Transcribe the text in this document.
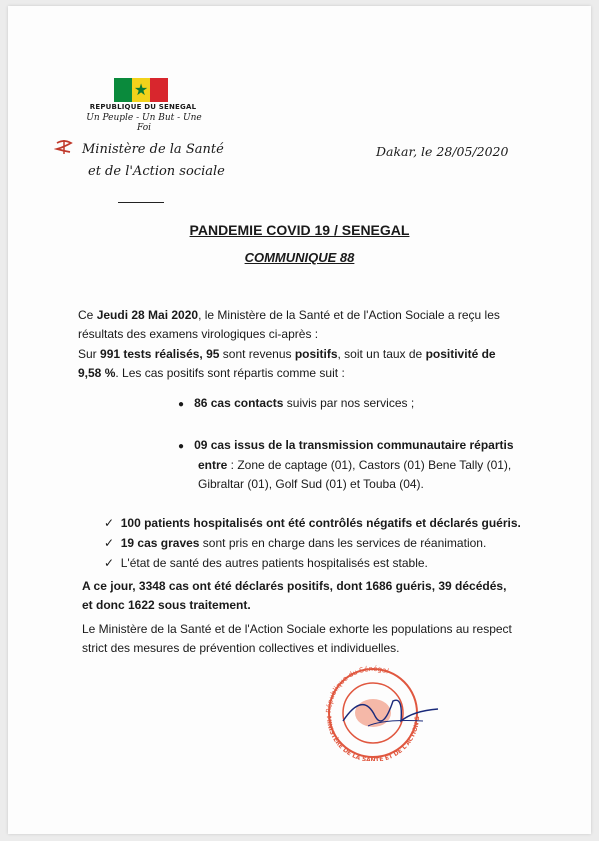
★
REPUBLIQUE DU SENEGAL
Un Peuple - Un But - Une Foi
Ministère de la Santé
et de l'Action sociale
Dakar, le 28/05/2020
PANDEMIE COVID 19 / SENEGAL
COMMUNIQUE 88
Ce Jeudi 28 Mai 2020, le Ministère de la Santé et de l'Action Sociale a reçu les
résultats des examens virologiques ci-après :
Sur 991 tests réalisés, 95 sont revenus positifs, soit un taux de positivité de
9,58 %. Les cas positifs sont répartis comme suit :
● 86 cas contacts suivis par nos services ;
● 09 cas issus de la transmission communautaire répartis
entre : Zone de captage (01), Castors (01) Bene Tally (01),
Gibraltar (01), Golf Sud (01) et Touba (04).
✓ 100 patients hospitalisés ont été contrôlés négatifs et déclarés guéris.
✓ 19 cas graves sont pris en charge dans les services de réanimation.
✓ L'état de santé des autres patients hospitalisés est stable.
A ce jour, 3348 cas ont été déclarés positifs, dont 1686 guéris, 39 décédés,
et donc 1622 sous traitement.
Le Ministère de la Santé et de l'Action Sociale exhorte les populations au respect
strict des mesures de prévention collectives et individuelles.
République du Sénégal
MINISTÈRE DE LA SANTÉ ET DE L'ACTION S
